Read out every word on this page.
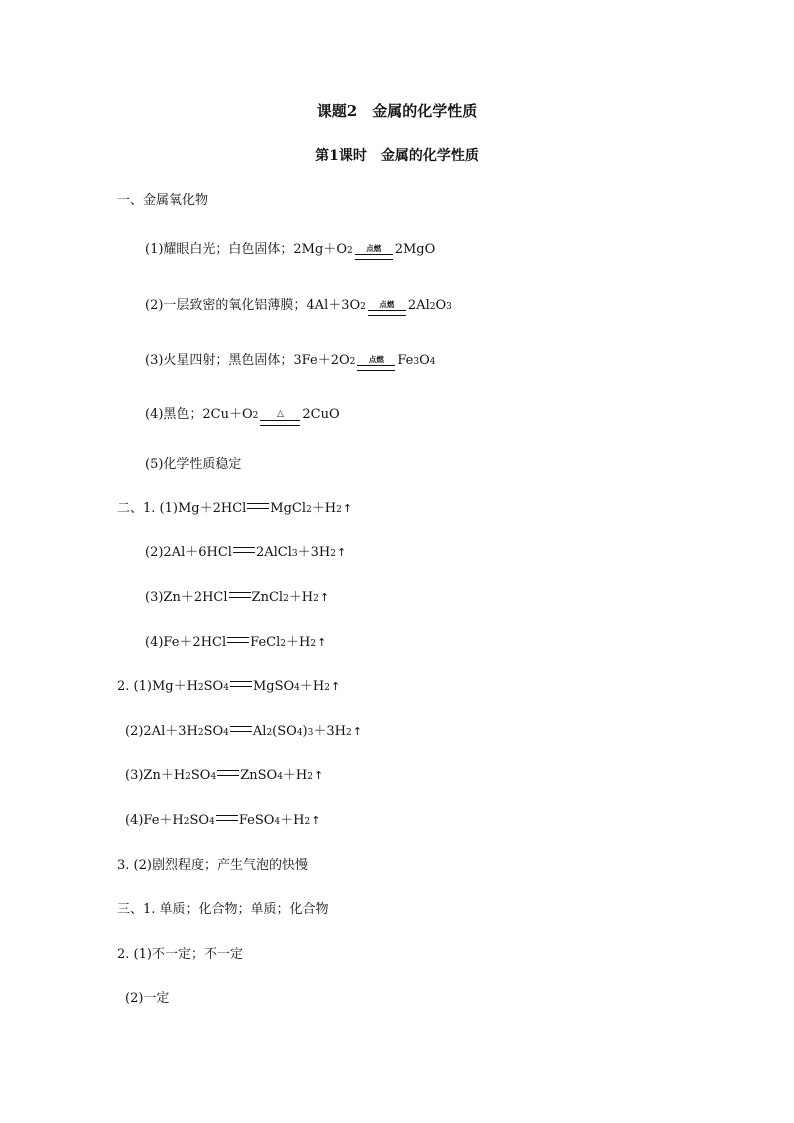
课题2　金属的化学性质
第1课时　金属的化学性质
一、金属氧化物
(1)耀眼白光；白色固体；2Mg＋O 2 点燃 2MgO
(2)一层致密的氧化铝薄膜；4Al＋3O 2 点燃 2Al 2 O 3
(3)火星四射；黑色固体；3Fe＋2O 2 点燃 Fe 3 O 4
(4)黑色；2Cu＋O 2 △ 2CuO
(5)化学性质稳定
二、1. (1)Mg＋2HCl MgCl 2 ＋H 2 ↑
(2)2Al＋6HCl 2AlCl 3 ＋3H 2 ↑
(3)Zn＋2HCl ZnCl 2 ＋H 2 ↑
(4)Fe＋2HCl FeCl 2 ＋H 2 ↑
2. (1)Mg＋H 2 SO 4 MgSO 4 ＋H 2 ↑
(2)2Al＋3H 2 SO 4 Al 2 (SO 4 ) 3 ＋3H 2 ↑
(3)Zn＋H 2 SO 4 ZnSO 4 ＋H 2 ↑
(4)Fe＋H 2 SO 4 FeSO 4 ＋H 2 ↑
3. (2)剧烈程度；产生气泡的快慢
三、1. 单质；化合物；单质；化合物
2. (1)不一定；不一定
(2)一定
